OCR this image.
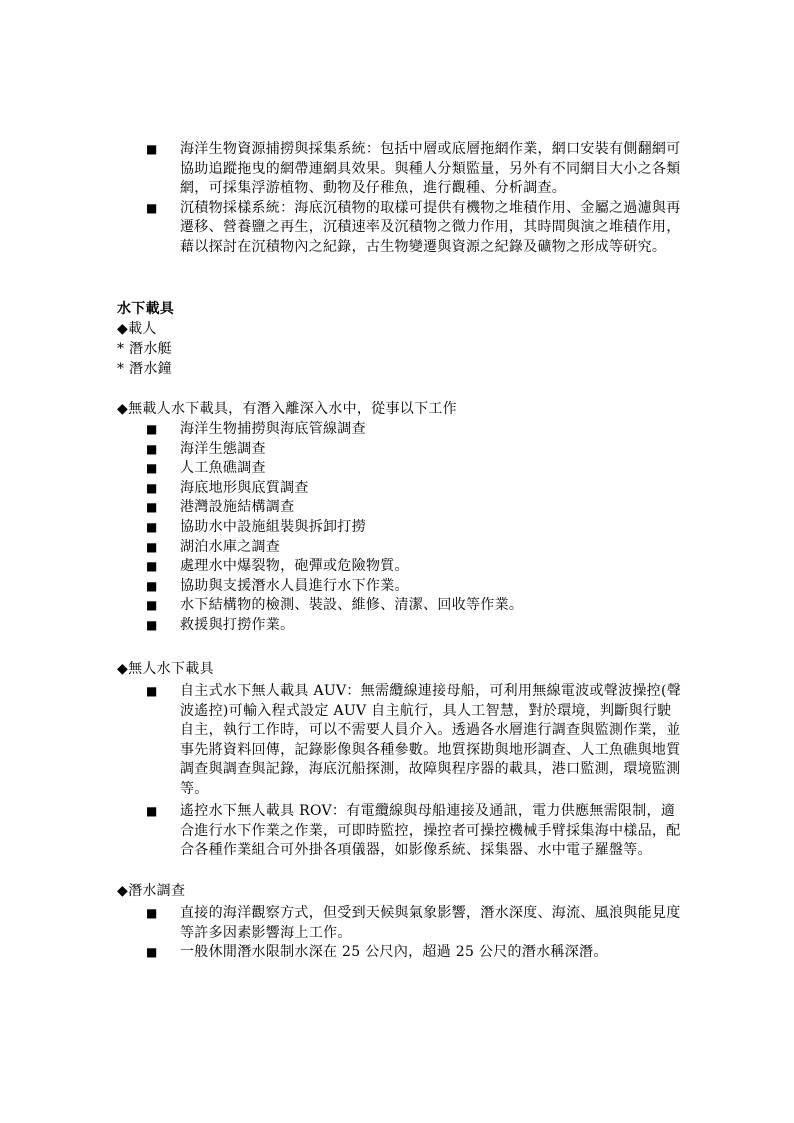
■ 海洋生物資源捕撈與採集系統：包括中層或底層拖網作業，網口安裝有側翻網可協助追蹤拖曳的網帶連網具效果。與種人分類監量，另外有不同網目大小之各類網，可採集浮游植物、動物及仔稚魚，進行觀種、分析調查。
■ 沉積物採樣系統：海底沉積物的取樣可提供有機物之堆積作用、金屬之過濾與再遷移、營養鹽之再生，沉積速率及沉積物之微力作用，其時間與演之堆積作用，藉以探討在沉積物內之紀錄，古生物變遷與資源之紀錄及礦物之形成等研究。
水下載具
◆載人
* 潛水艇
* 潛水鐘
◆無載人水下載具，有潛入離深入水中，從事以下工作
■ 海洋生物捕撈與海底管線調查
■ 海洋生態調查
■ 人工魚礁調查
■ 海底地形與底質調查
■ 港灣設施結構調查
■ 協助水中設施組裝與拆卸打撈
■ 湖泊水庫之調查
■ 處理水中爆裂物，砲彈或危險物質。
■ 協助與支援潛水人員進行水下作業。
■ 水下結構物的檢測、裝設、維修、清潔、回收等作業。
■ 救援與打撈作業。
◆無人水下載具
■ 自主式水下無人載具 AUV：無需纜線連接母船，可利用無線電波或聲波操控(聲波遙控)可輸入程式設定 AUV 自主航行，具人工智慧，對於環境，判斷與行駛自主，執行工作時，可以不需要人員介入。透過各水層進行調查與監測作業，並事先將資料回傳，記錄影像與各種參數。地質探勘與地形調查、人工魚礁與地質調查與調查與記錄，海底沉船探測，故障與程序器的載具，港口監測，環境監測等。
■ 遙控水下無人載具 ROV：有電纜線與母船連接及通訊，電力供應無需限制，適合進行水下作業之作業，可即時監控，操控者可操控機械手臂採集海中樣品，配合各種作業組合可外掛各項儀器，如影像系統、採集器、水中電子羅盤等。
◆潛水調查
■ 直接的海洋觀察方式，但受到天候與氣象影響，潛水深度、海流、風浪與能見度等許多因素影響海上工作。
■ 一般休閒潛水限制水深在 25 公尺內，超過 25 公尺的潛水稱深潛。
